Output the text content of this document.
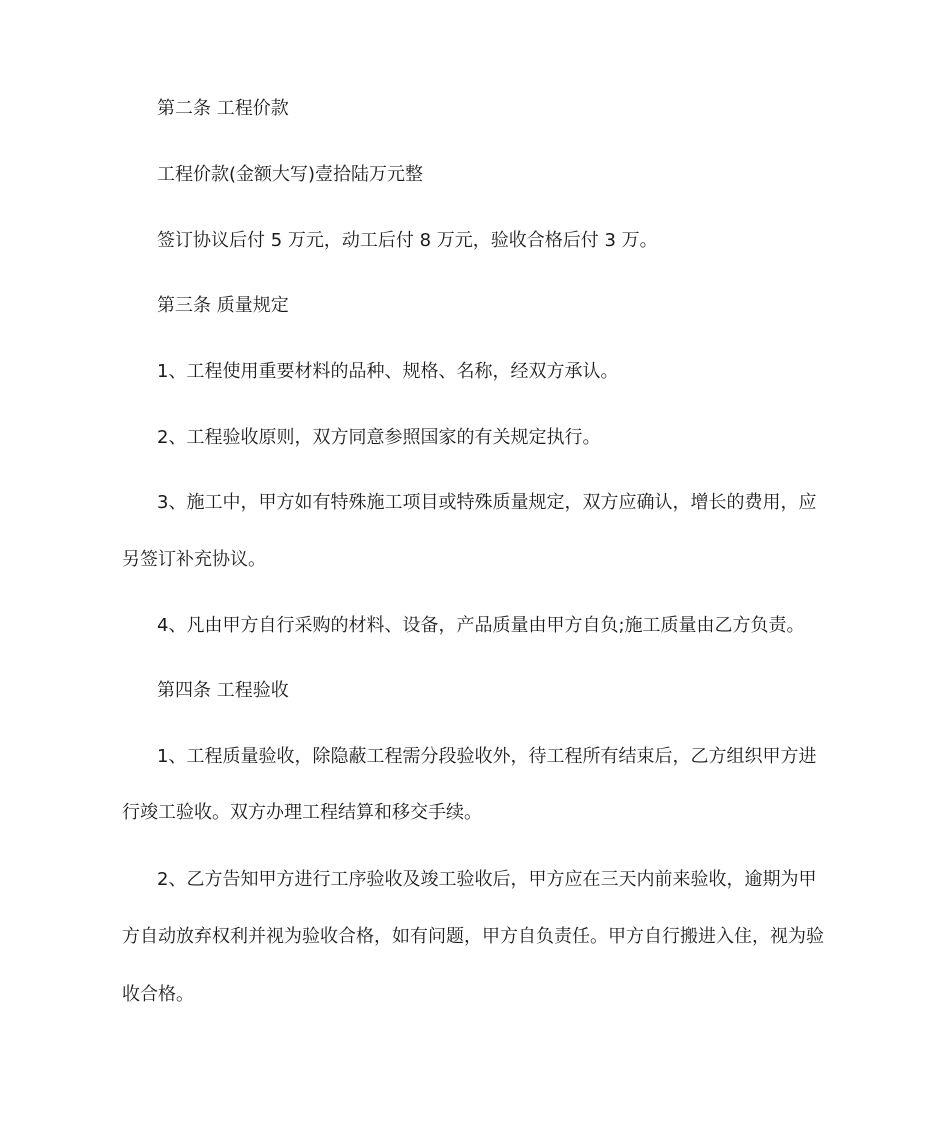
第二条 工程价款
工程价款(金额大写)壹拾陆万元整
签订协议后付 5 万元，动工后付 8 万元，验收合格后付 3 万。
第三条 质量规定
1、工程使用重要材料的品种、规格、名称，经双方承认。
2、工程验收原则，双方同意参照国家的有关规定执行。
3、施工中，甲方如有特殊施工项目或特殊质量规定，双方应确认，增长的费用，应
另签订补充协议。
4、凡由甲方自行采购的材料、设备，产品质量由甲方自负;施工质量由乙方负责。
第四条 工程验收
1、工程质量验收，除隐蔽工程需分段验收外，待工程所有结束后，乙方组织甲方进
行竣工验收。双方办理工程结算和移交手续。
2、乙方告知甲方进行工序验收及竣工验收后，甲方应在三天内前来验收，逾期为甲
方自动放弃权利并视为验收合格，如有问题，甲方自负责任。甲方自行搬进入住，视为验
收合格。
